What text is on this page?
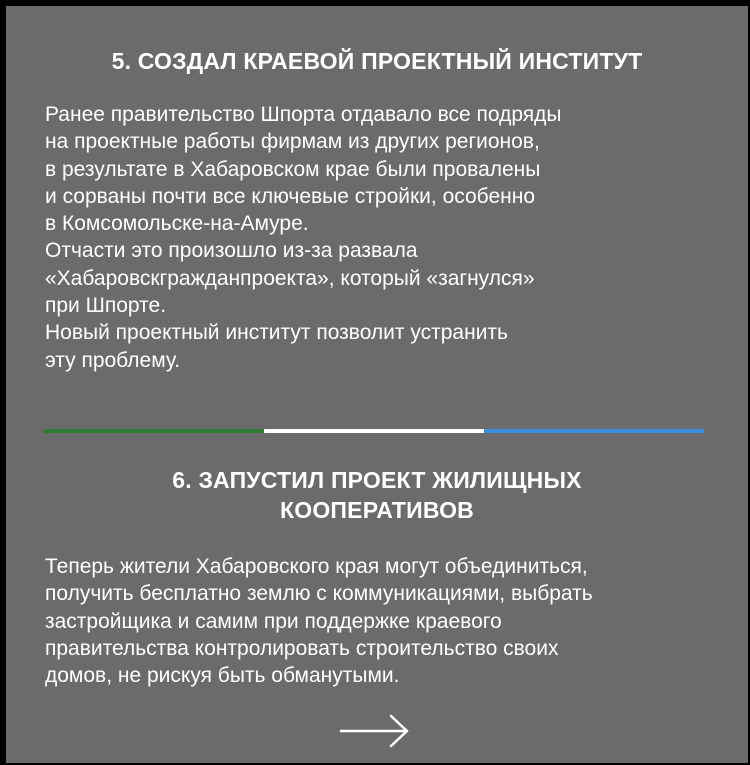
5. СОЗДАЛ КРАЕВОЙ ПРОЕКТНЫЙ ИНСТИТУТ

Ранее правительство Шпорта отдавало все подряды
на проектные работы фирмам из других регионов,
в результате в Хабаровском крае были провалены
и сорваны почти все ключевые стройки, особенно
в Комсомольске-на-Амуре.
Отчасти это произошло из-за развала
«Хабаровскгражданпроекта», который «загнулся»
при Шпорте.
Новый проектный институт позволит устранить
эту проблему.

6. ЗАПУСТИЛ ПРОЕКТ ЖИЛИЩНЫХ
КООПЕРАТИВОВ

Теперь жители Хабаровского края могут объединиться,
получить бесплатно землю с коммуникациями, выбрать
застройщика и самим при поддержке краевого
правительства контролировать строительство своих
домов, не рискуя быть обманутыми.
